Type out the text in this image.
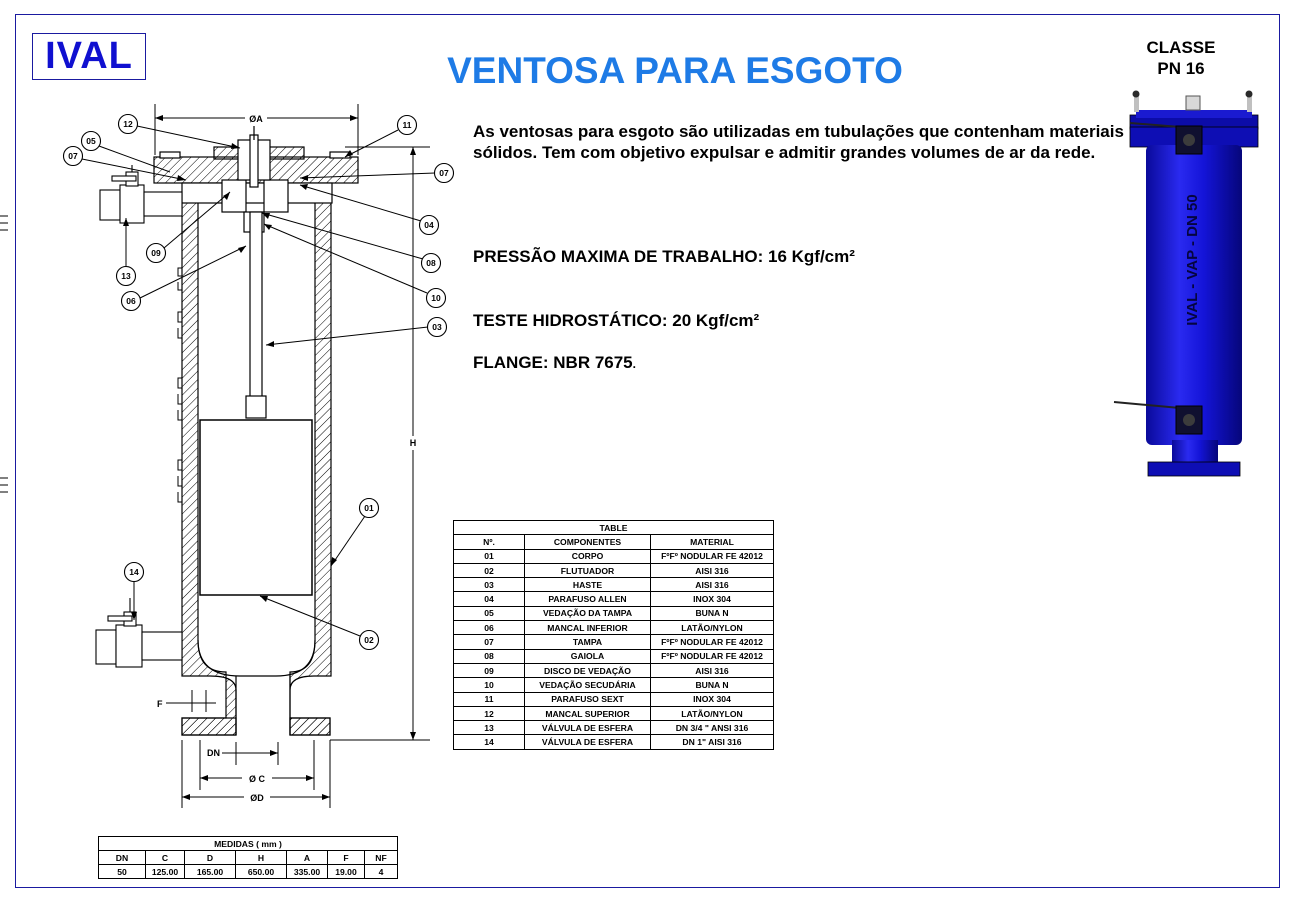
IVAL	VENTOSA PARA ESGOTO
CLASSE
PN 16
As ventosas para esgoto são utilizadas em tubulações que contenham materiais sólidos. Tem com objetivo expulsar e admitir grandes volumes de ar da rede.
PRESSÃO MAXIMA DE TRABALHO: 16 Kgf/cm²
TESTE HIDROSTÁTICO: 20 Kgf/cm²
FLANGE: NBR 7675.
ØA
H
F
DN
Ø C
ØD
12	11
05
07
07
04
09
08
13
06	10
03
01
14
02
IVAL - VAP - DN 50
TABLE		
Nº.	COMPONENTES	MATERIAL
01	CORPO	FºFº NODULAR FE 42012
02	FLUTUADOR	AISI 316
03	HASTE	AISI 316
04	PARAFUSO ALLEN	INOX 304
05	VEDAÇÃO DA TAMPA	BUNA N
06	MANCAL INFERIOR	LATÃO/NYLON
07	TAMPA	FºFº NODULAR FE 42012
08	GAIOLA	FºFº NODULAR FE 42012
09	DISCO DE VEDAÇÃO	AISI 316
10	VEDAÇÃO SECUDÁRIA	BUNA N
11	PARAFUSO SEXT	INOX 304
12	MANCAL SUPERIOR	LATÃO/NYLON
13	VÁLVULA DE ESFERA	DN 3/4 " ANSI 316
14	VÁLVULA DE ESFERA	DN 1" AISI 316
MEDIDAS ( mm )						
DN	C	D	H	A	F	NF
50	125.00	165.00	650.00	335.00	19.00	4
